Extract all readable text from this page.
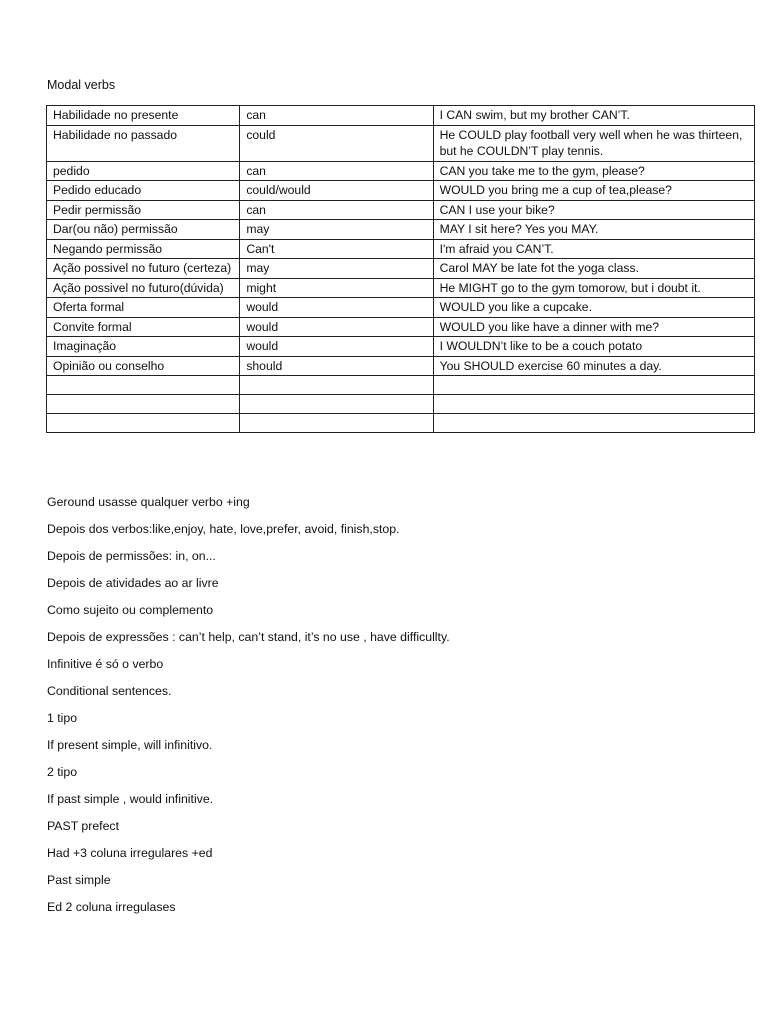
Modal verbs
Habilidade no presente	can	I CAN swim, but my brother CAN’T.	
Habilidade no passado	could	He COULD play football very well when he was thirteen, but he COULDN’T play tennis.	
pedido	can	CAN you take me to the gym, please?	
Pedido educado	could/would	WOULD you bring me a cup of tea,please?	
Pedir permissão	can	CAN I use your bike?	
Dar(ou não) permissão	may	MAY I sit here? Yes you MAY.	
Negando permissão	Can't	I'm afraid you CAN’T.	
Ação possivel no futuro (certeza)	may	Carol MAY be late fot the yoga class.	
Ação possivel no futuro(dúvida)	might	He MIGHT go to the gym tomorow, but i doubt it.	
Oferta formal	would	WOULD you like a cupcake.	
Convite formal	would	WOULD you like have a dinner with me?	
Imaginação	would	I WOULDN’t like to be a couch potato	
Opinião ou conselho	should	You SHOULD exercise 60 minutes a day.	

Geround usasse qualquer verbo +ing

Depois dos verbos:like,enjoy, hate, love,prefer, avoid, finish,stop.

Depois de permissões: in, on...

Depois de atividades ao ar livre

Como sujeito ou complemento

Depois de expressões : can’t help, can’t stand, it’s no use , have difficullty.

Infinitive é só o verbo

Conditional sentences.

1 tipo

If present simple, will infinitivo.

2 tipo

If past simple , would infinitive.

PAST prefect

Had +3 coluna irregulares +ed

Past simple

Ed 2 coluna irregulases
